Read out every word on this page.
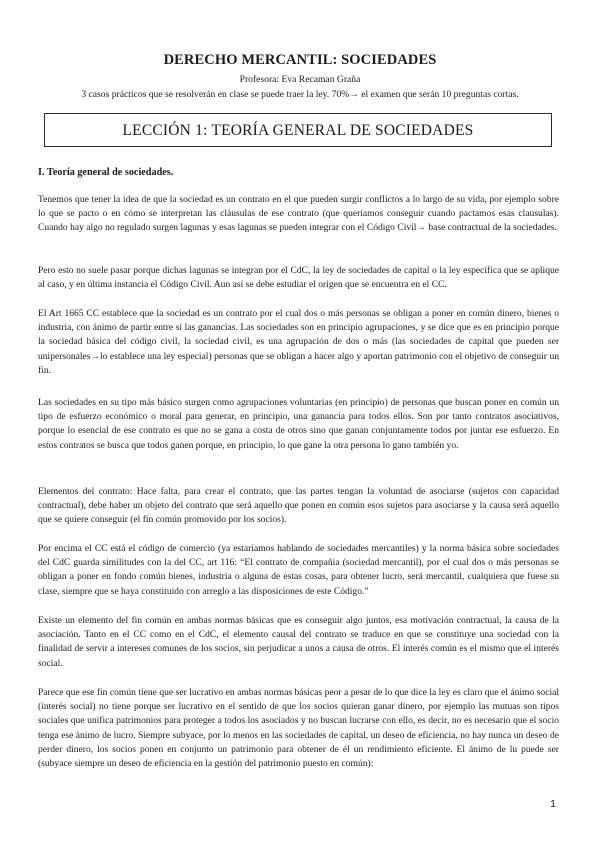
DERECHO MERCANTIL: SOCIEDADES
Profesora: Eva Recaman Graña
3 casos prácticos que se resolverán en clase se puede traer la ley. 70%→ el examen que serán 10 preguntas cortas.
LECCIÓN 1: TEORÍA GENERAL DE SOCIEDADES
I. Teoría general de sociedades.

Tenemos que tener la idea de que la sociedad es un contrato en el que pueden surgir conflictos a lo largo de su vida, por ejemplo sobre lo que se pacto o en cómo se interpretan las cláusulas de ese contrato (que queríamos conseguir cuando pactamos esas clausulas). Cuando hay algo no regulado surgen lagunas y esas lagunas se pueden integrar con el Código Civil→ base contractual de la sociedades.

Pero esto no suele pasar porque dichas lagunas se integran por el CdC, la ley de sociedades de capital o la ley específica que se aplique al caso, y en última instancia el Código Civil. Aun así se debe estudiar el origen que se encuentra en el CC.

El Art 1665 CC establece que la sociedad es un contrato por el cual dos o más personas se obligan a poner en común dinero, bienes o industria, con ánimo de partir entre sí las ganancias. Las sociedades son en principio agrupaciones, y se dice que es en principio porque la sociedad básica del código civil, la sociedad civil, es una agrupación de dos o más (las sociedades de capital que pueden ser unipersonales→lo establece una ley especial) personas que se obligan a hacer algo y aportan patrimonio con el objetivo de conseguir un fin.

Las sociedades en su tipo más básico surgen como agrupaciones voluntarias (en principio) de personas que buscan poner en común un tipo de esfuerzo económico o moral para generar, en principio, una ganancia para todos ellos. Son por tanto contratos asociativos, porque lo esencial de ese contrato es que no se gana a costa de otros sino que ganan conjuntamente todos por juntar ese esfuerzo. En estos contratos se busca que todos ganen porque, en principio, lo que gane la otra persona lo gano también yo.

Elementos del contrato: Hace falta, para crear el contrato, que las partes tengan la voluntad de asociarse (sujetos con capacidad contractual), debe haber un objeto del contrato que será aquello que ponen en común esos sujetos para asociarse y la causa será aquello que se quiere conseguir (el fin común promovido por los socios).

Por encima el CC está el código de comercio (ya estaríamos hablando de sociedades mercantiles) y la norma básica sobre sociedades del CdC guarda similitudes con la del CC, art 116: “El contrato de compañía (sociedad mercantil), por el cual dos o más personas se obligan a poner en fondo común bienes, industria o alguna de estas cosas, para obtener lucro, será mercantil, cualquiera que fuese su clase, siempre que se haya constituido con arreglo a las disposiciones de este Código.”

Existe un elemento del fin común en ambas normas básicas que es conseguir algo juntos, esa motivación contractual, la causa de la asociación. Tanto en el CC como en el CdC, el elemento causal del contrato se traduce en que se constituye una sociedad con la finalidad de servir a intereses comunes de los socios, sin perjudicar a unos a causa de otros. El interés común es el mismo que el interés social.

Parece que ese fin común tiene que ser lucrativo en ambas normas básicas peor a pesar de lo que dice la ley es claro que el ánimo social (interés social) no tiene porque ser lucrativo en el sentido de que los socios quieran ganar dinero, por ejemplo las mutuas son tipos sociales que unifica patrimonios para proteger a todos los asociados y no buscan lucrarse con ello, es decir, no es necesario que el socio tenga ese ánimo de lucro. Siempre subyace, por lo menos en las sociedades de capital, un deseo de eficiencia, no hay nunca un deseo de perder dinero, los socios ponen en conjunto un patrimonio para obtener de él un rendimiento eficiente. El ánimo de lu puede ser (subyace siempre un deseo de eficiencia en la gestión del patrimonio puesto en común):

1
